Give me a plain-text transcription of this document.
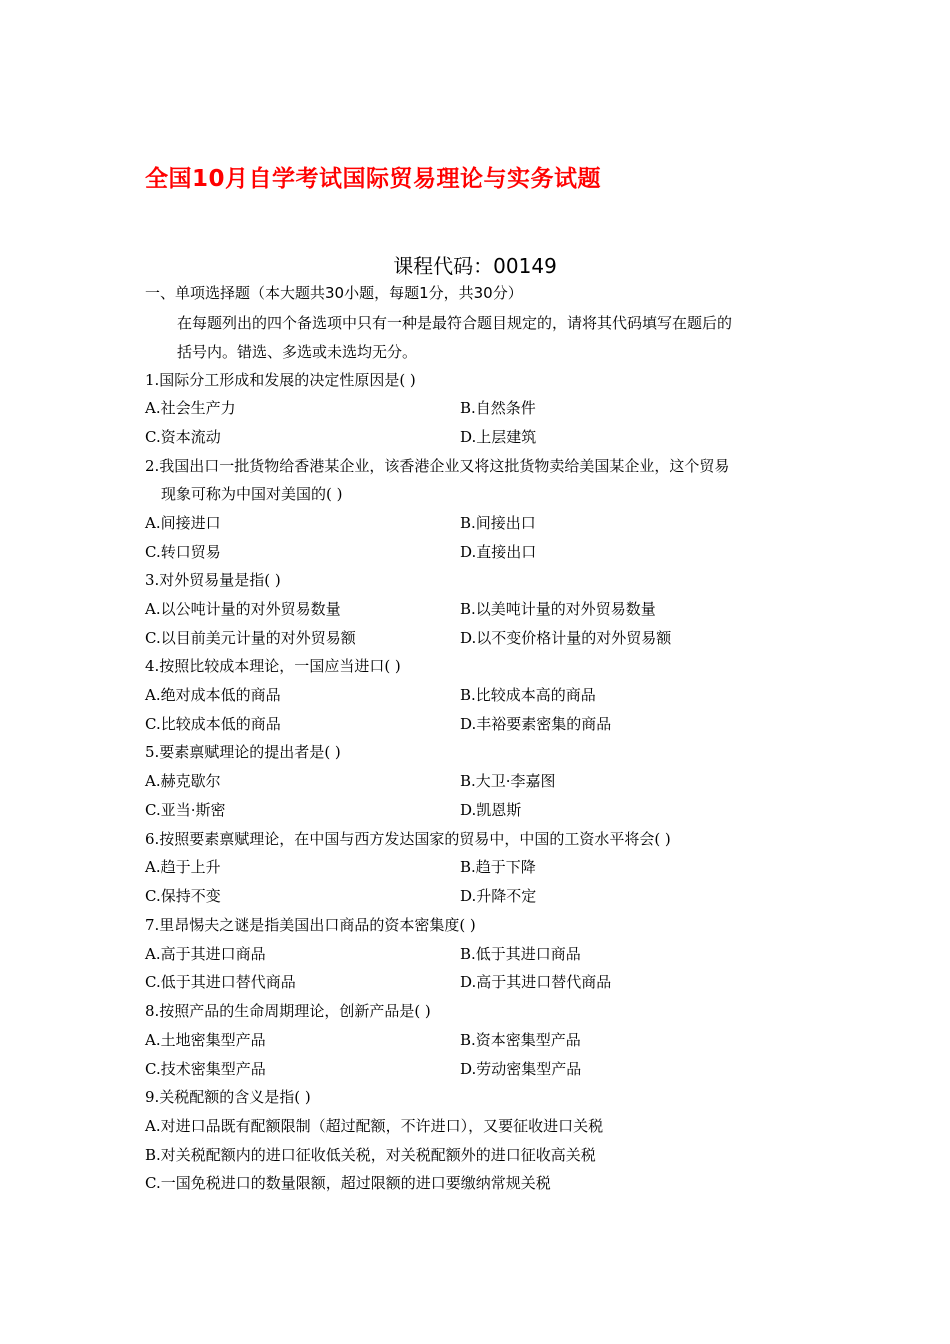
全国10月自学考试国际贸易理论与实务试题
课程代码：00149
一、单项选择题（本大题共30小题，每题1分，共30分）
在每题列出的四个备选项中只有一种是最符合题目规定的，请将其代码填写在题后的
括号内。错选、多选或未选均无分。
1.国际分工形成和发展的决定性原因是( )
A.社会生产力	B.自然条件
C.资本流动	D.上层建筑
2.我国出口一批货物给香港某企业，该香港企业又将这批货物卖给美国某企业，这个贸易
现象可称为中国对美国的( )
A.间接进口	B.间接出口
C.转口贸易	D.直接出口
3.对外贸易量是指( )
A.以公吨计量的对外贸易数量	B.以美吨计量的对外贸易数量
C.以目前美元计量的对外贸易额	D.以不变价格计量的对外贸易额
4.按照比较成本理论，一国应当进口( )
A.绝对成本低的商品	B.比较成本高的商品
C.比较成本低的商品	D.丰裕要素密集的商品
5.要素禀赋理论的提出者是( )
A.赫克歇尔	B.大卫·李嘉图
C.亚当·斯密	D.凯恩斯
6.按照要素禀赋理论，在中国与西方发达国家的贸易中，中国的工资水平将会( )
A.趋于上升	B.趋于下降
C.保持不变	D.升降不定
7.里昂惕夫之谜是指美国出口商品的资本密集度( )
A.高于其进口商品	B.低于其进口商品
C.低于其进口替代商品	D.高于其进口替代商品
8.按照产品的生命周期理论，创新产品是( )
A.土地密集型产品	B.资本密集型产品
C.技术密集型产品	D.劳动密集型产品
9.关税配额的含义是指( )
A.对进口品既有配额限制（超过配额，不许进口），又要征收进口关税
B.对关税配额内的进口征收低关税，对关税配额外的进口征收高关税
C.一国免税进口的数量限额，超过限额的进口要缴纳常规关税
